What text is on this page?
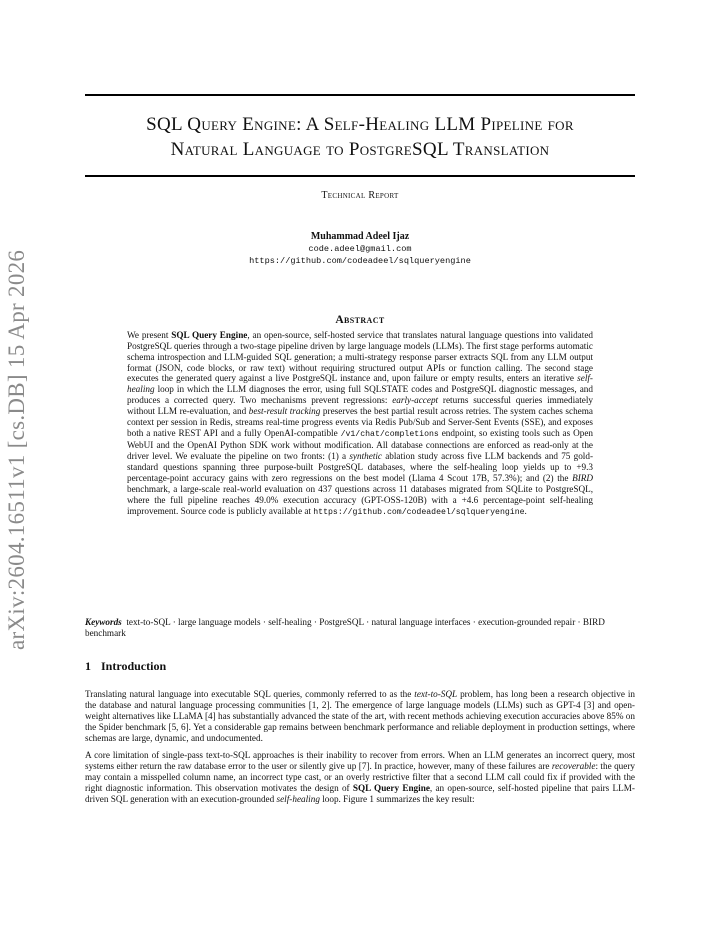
arXiv:2604.16511v1 [cs.DB] 15 Apr 2026
SQL Query Engine: A Self-Healing LLM Pipeline for
Natural Language to PostgreSQL Translation
Technical Report
Muhammad Adeel Ijaz
code.adeel@gmail.com
https://github.com/codeadeel/sqlqueryengine
Abstract
We present SQL Query Engine, an open-source, self-hosted service that translates natural language questions into validated PostgreSQL queries through a two-stage pipeline driven by large language models (LLMs). The first stage performs automatic schema introspection and LLM-guided SQL generation; a multi-strategy response parser extracts SQL from any LLM output format (JSON, code blocks, or raw text) without requiring structured output APIs or function calling. The second stage executes the generated query against a live PostgreSQL instance and, upon failure or empty results, enters an iterative self-healing loop in which the LLM diagnoses the error, using full SQLSTATE codes and PostgreSQL diagnostic messages, and produces a corrected query. Two mechanisms prevent regressions: early-accept returns successful queries immediately without LLM re-evaluation, and best-result tracking preserves the best partial result across retries. The system caches schema context per session in Redis, streams real-time progress events via Redis Pub/Sub and Server-Sent Events (SSE), and exposes both a native REST API and a fully OpenAI-compatible /v1/chat/completions endpoint, so existing tools such as Open WebUI and the OpenAI Python SDK work without modification. All database connections are enforced as read-only at the driver level. We evaluate the pipeline on two fronts: (1) a synthetic ablation study across five LLM backends and 75 gold-standard questions spanning three purpose-built PostgreSQL databases, where the self-healing loop yields up to +9.3 percentage-point accuracy gains with zero regressions on the best model (Llama 4 Scout 17B, 57.3%); and (2) the BIRD benchmark, a large-scale real-world evaluation on 437 questions across 11 databases migrated from SQLite to PostgreSQL, where the full pipeline reaches 49.0% execution accuracy (GPT-OSS-120B) with a +4.6 percentage-point self-healing improvement. Source code is publicly available at https://github.com/codeadeel/sqlqueryengine.
Keywords text-to-SQL · large language models · self-healing · PostgreSQL · natural language interfaces · execution-grounded repair · BIRD benchmark
1 Introduction
Translating natural language into executable SQL queries, commonly referred to as the text-to-SQL problem, has long been a research objective in the database and natural language processing communities [1, 2]. The emergence of large language models (LLMs) such as GPT-4 [3] and open-weight alternatives like LLaMA [4] has substantially advanced the state of the art, with recent methods achieving execution accuracies above 85% on the Spider benchmark [5, 6]. Yet a considerable gap remains between benchmark performance and reliable deployment in production settings, where schemas are large, dynamic, and undocumented.
A core limitation of single-pass text-to-SQL approaches is their inability to recover from errors. When an LLM generates an incorrect query, most systems either return the raw database error to the user or silently give up [7]. In practice, however, many of these failures are recoverable: the query may contain a misspelled column name, an incorrect type cast, or an overly restrictive filter that a second LLM call could fix if provided with the right diagnostic information. This observation motivates the design of SQL Query Engine, an open-source, self-hosted pipeline that pairs LLM-driven SQL generation with an execution-grounded self-healing loop. Figure 1 summarizes the key result:
